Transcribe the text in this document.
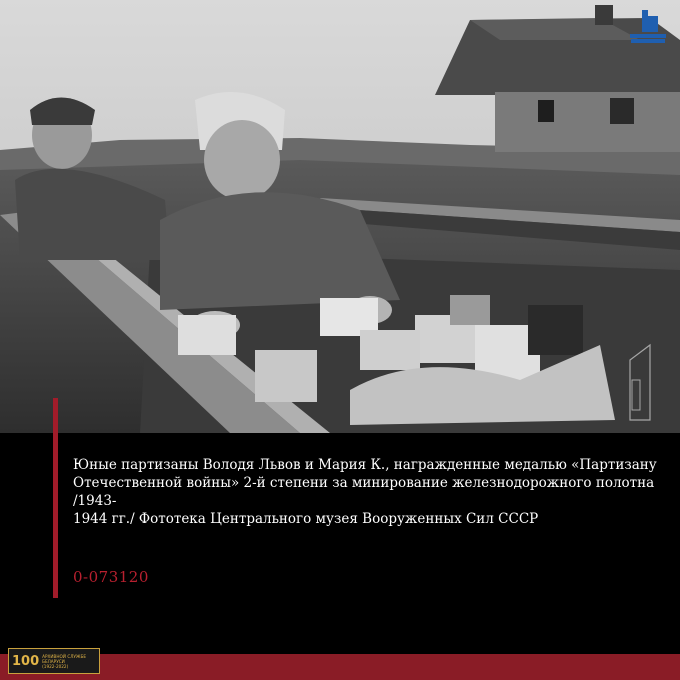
Юные партизаны Володя Львов и Мария К., награжденные медалью «Партизану
Отечественной войны» 2-й степени за минирование железнодорожного полотна
/1943-
1944 гг./ Фототека Центрального музея Вооруженных Сил СССР
0-073120
100 АРХИВНОЙ СЛУЖБЕ
БЕЛАРУСИ
(1922-2022)
